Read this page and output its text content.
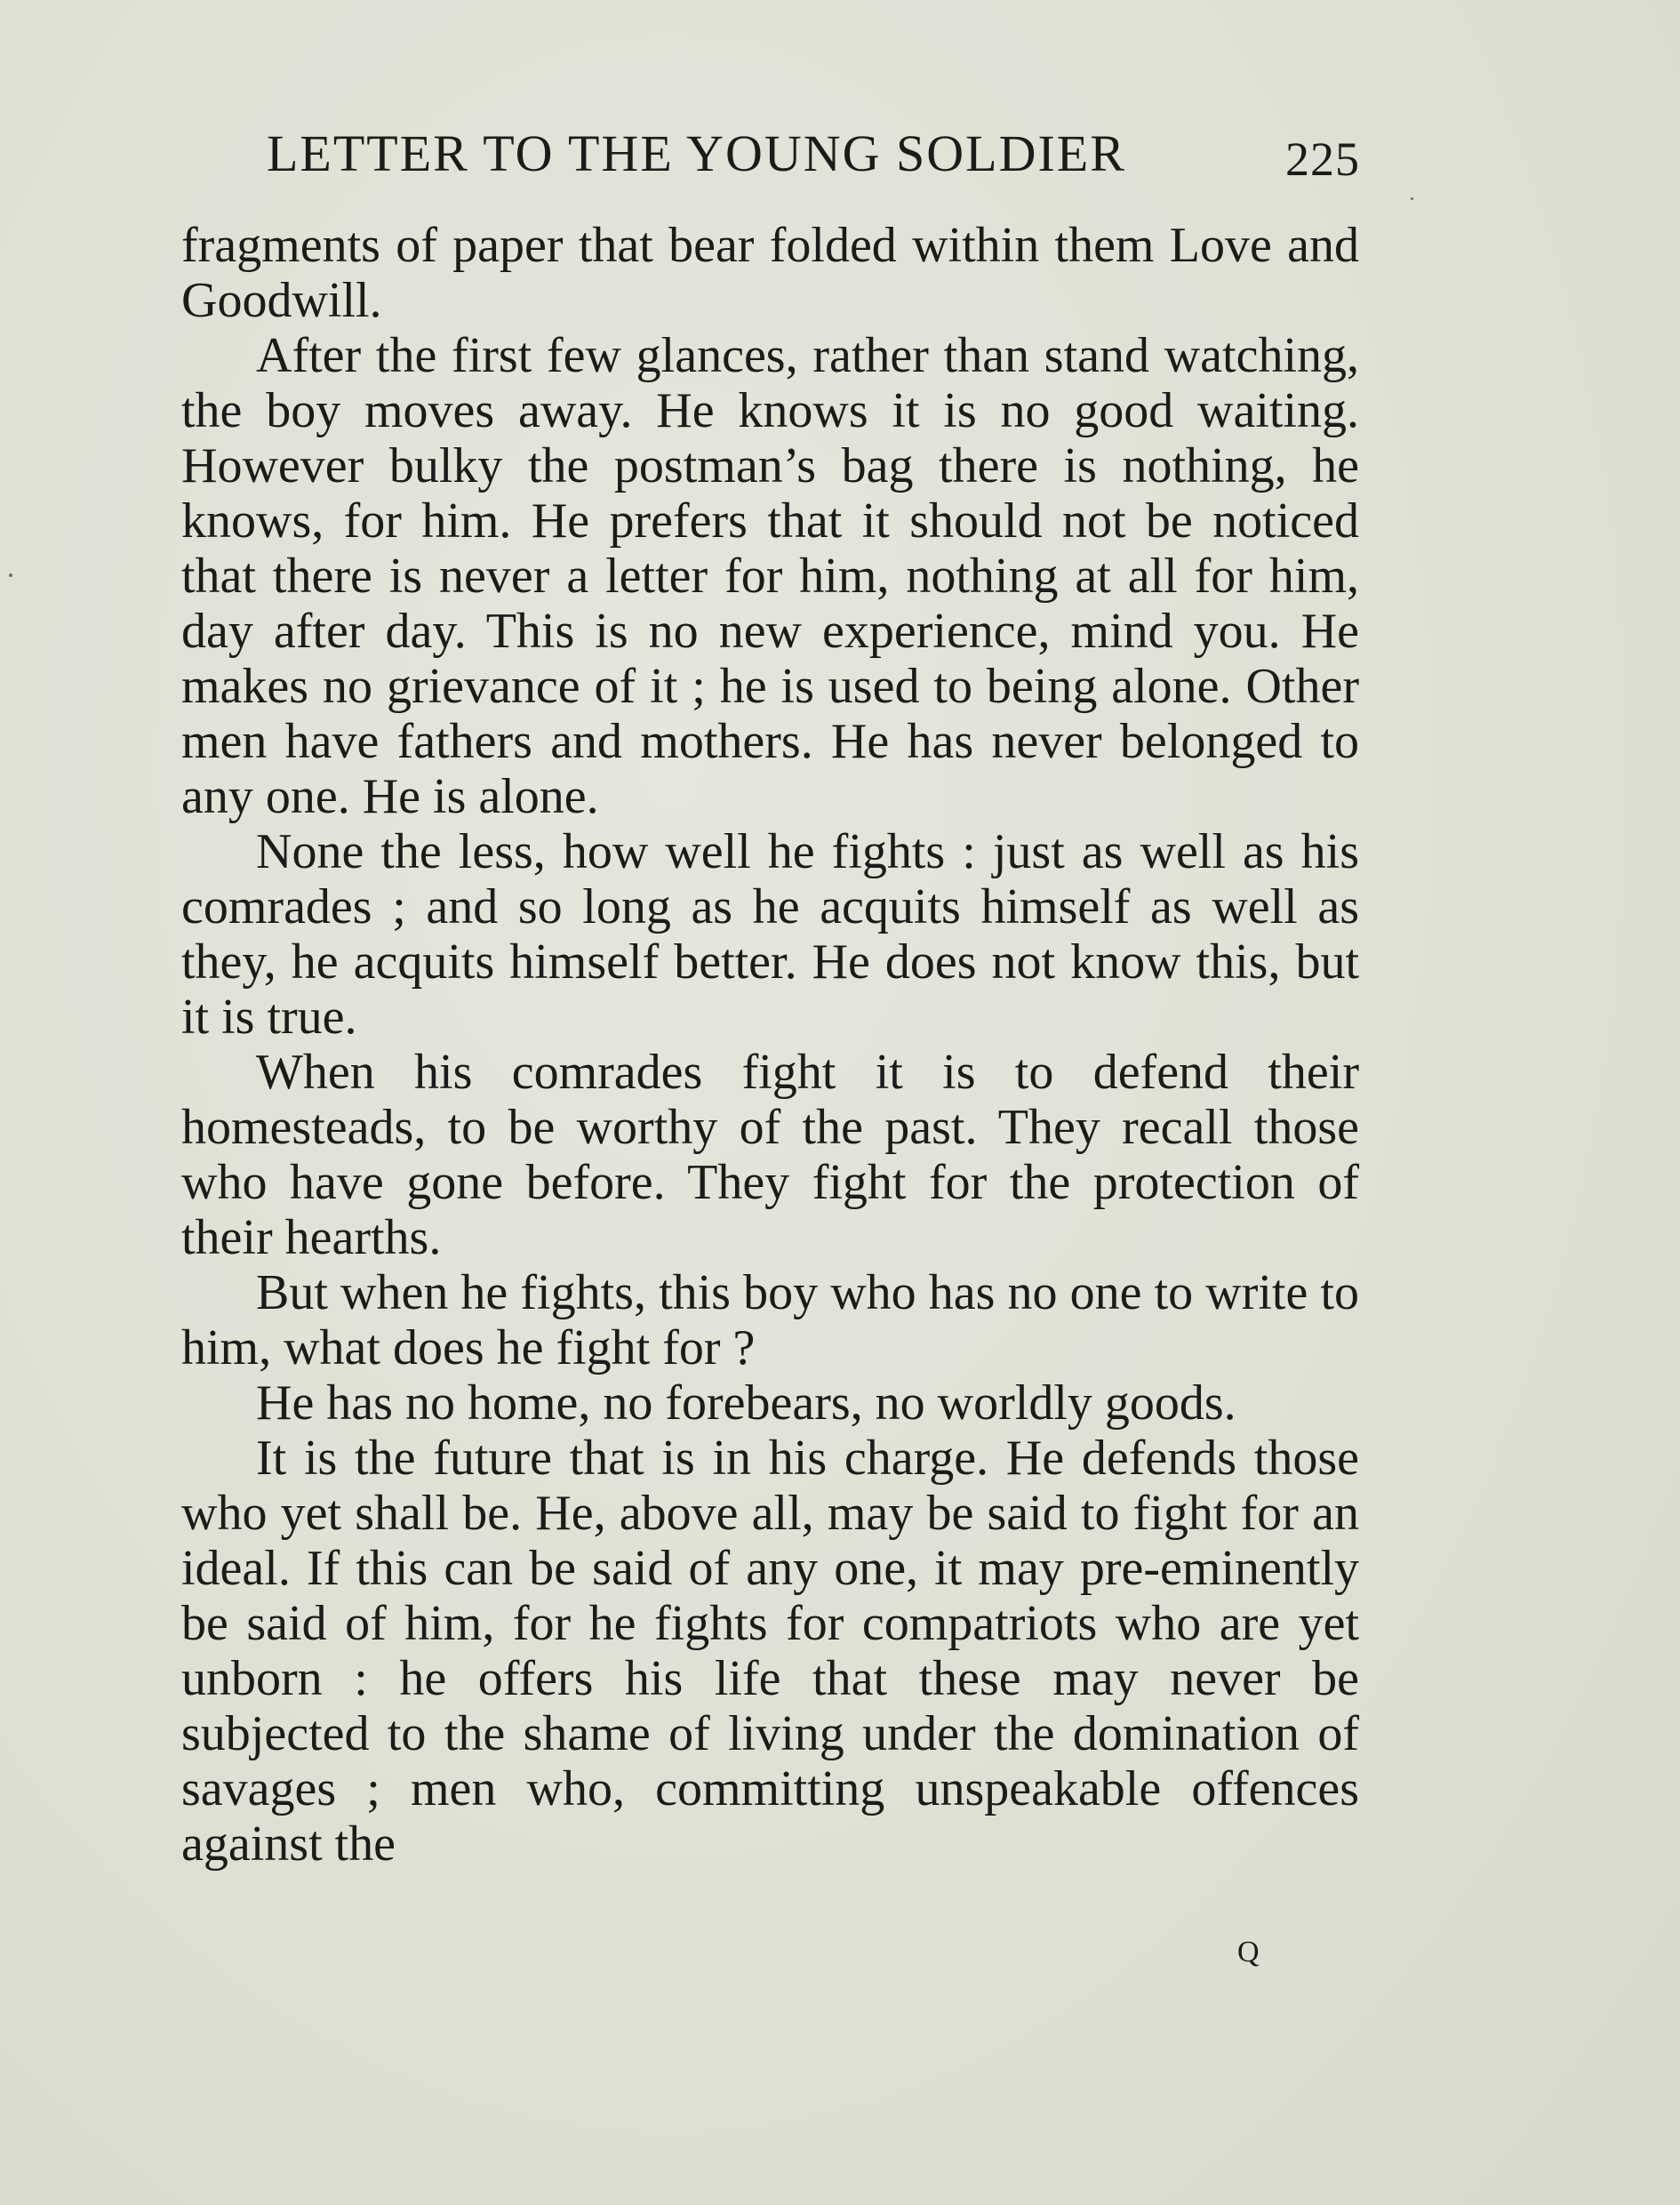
LETTER TO THE YOUNG SOLDIER	225

fragments of paper that bear folded within them Love and Goodwill.

After the first few glances, rather than stand watching, the boy moves away. He knows it is no good waiting. However bulky the postman’s bag there is nothing, he knows, for him. He prefers that it should not be noticed that there is never a letter for him, nothing at all for him, day after day. This is no new experience, mind you. He makes no grievance of it ; he is used to being alone. Other men have fathers and mothers. He has never belonged to any one. He is alone.

None the less, how well he fights : just as well as his comrades ; and so long as he acquits himself as well as they, he acquits himself better. He does not know this, but it is true.

When his comrades fight it is to defend their homesteads, to be worthy of the past. They recall those who have gone before. They fight for the protection of their hearths.

But when he fights, this boy who has no one to write to him, what does he fight for ?

He has no home, no forebears, no worldly goods.

It is the future that is in his charge. He defends those who yet shall be. He, above all, may be said to fight for an ideal. If this can be said of any one, it may pre-eminently be said of him, for he fights for compatriots who are yet unborn : he offers his life that these may never be subjected to the shame of living under the domination of savages ; men who, committing unspeakable offences against the

Q
